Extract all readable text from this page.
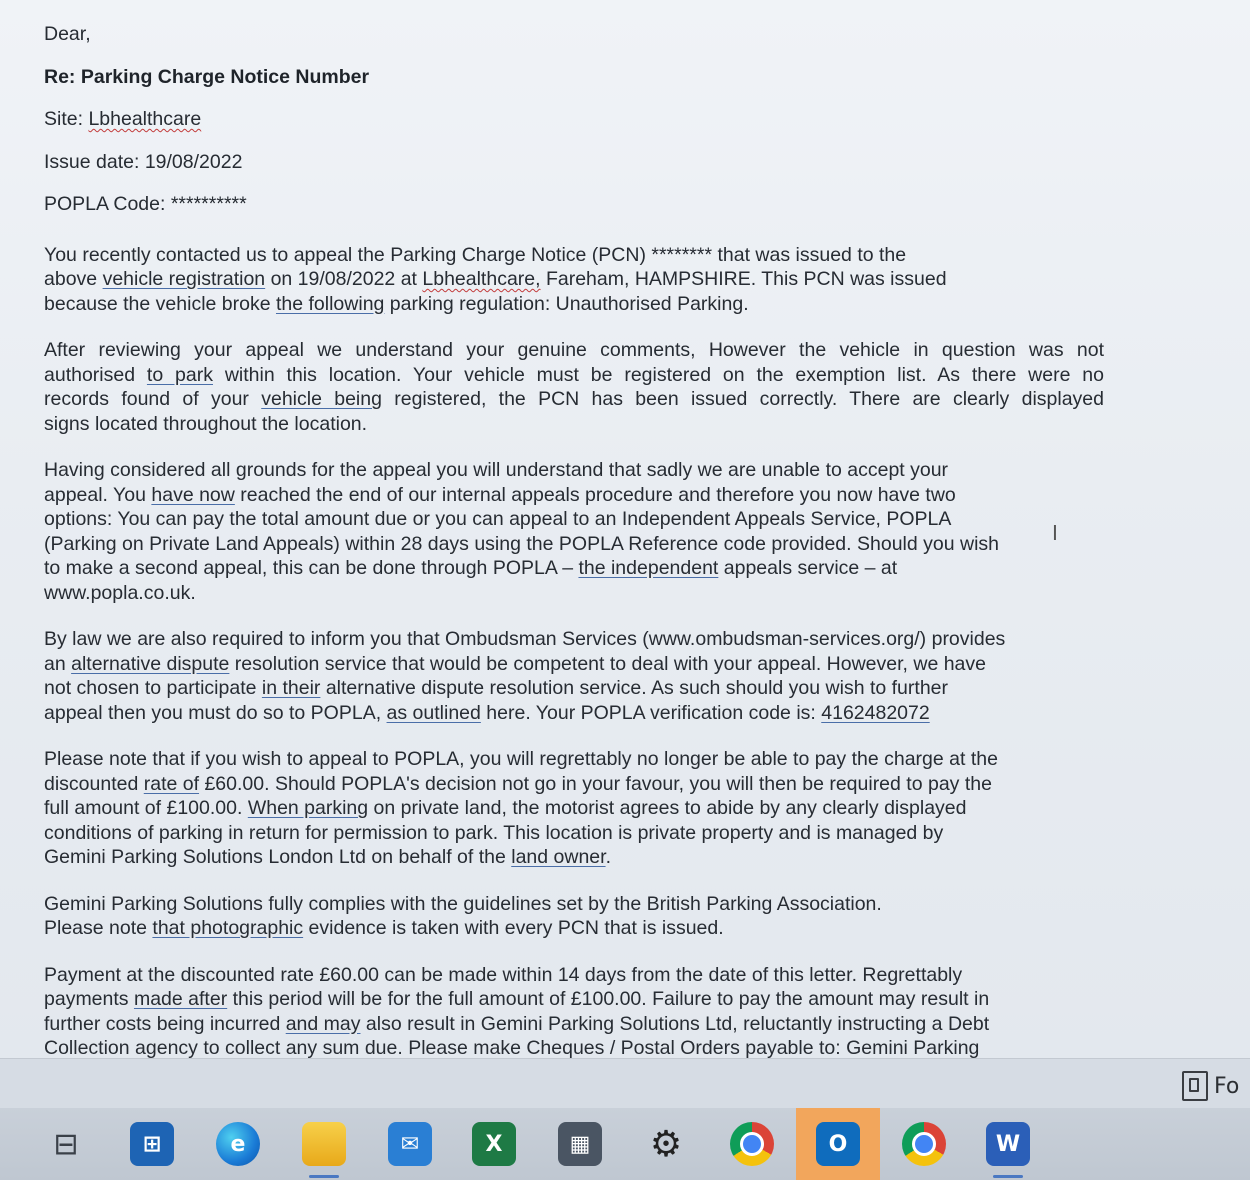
Dear,
Re: Parking Charge Notice Number
Site: Lbhealthcare
Issue date: 19/08/2022
POPLA Code: **********
You recently contacted us to appeal the Parking Charge Notice (PCN) ******** that was issued to the
above vehicle registration on 19/08/2022 at Lbhealthcare, Fareham, HAMPSHIRE. This PCN was issued
because the vehicle broke the following parking regulation: Unauthorised Parking.
After reviewing your appeal we understand your genuine comments, However the vehicle in question was not
authorised to park within this location. Your vehicle must be registered on the exemption list. As there were no
records found of your vehicle being registered, the PCN has been issued correctly. There are clearly displayed
signs located throughout the location.
Having considered all grounds for the appeal you will understand that sadly we are unable to accept your
appeal. You have now reached the end of our internal appeals procedure and therefore you now have two
options: You can pay the total amount due or you can appeal to an Independent Appeals Service, POPLA
(Parking on Private Land Appeals) within 28 days using the POPLA Reference code provided. Should you wish
to make a second appeal, this can be done through POPLA – the independent appeals service – at
www.popla.co.uk.
By law we are also required to inform you that Ombudsman Services (www.ombudsman-services.org/) provides
an alternative dispute resolution service that would be competent to deal with your appeal. However, we have
not chosen to participate in their alternative dispute resolution service. As such should you wish to further
appeal then you must do so to POPLA, as outlined here. Your POPLA verification code is: 4162482072
Please note that if you wish to appeal to POPLA, you will regrettably no longer be able to pay the charge at the
discounted rate of £60.00. Should POPLA's decision not go in your favour, you will then be required to pay the
full amount of £100.00. When parking on private land, the motorist agrees to abide by any clearly displayed
conditions of parking in return for permission to park. This location is private property and is managed by
Gemini Parking Solutions London Ltd on behalf of the land owner.
Gemini Parking Solutions fully complies with the guidelines set by the British Parking Association.
Please note that photographic evidence is taken with every PCN that is issued.
Payment at the discounted rate £60.00 can be made within 14 days from the date of this letter. Regrettably
payments made after this period will be for the full amount of £100.00. Failure to pay the amount may result in
further costs being incurred and may also result in Gemini Parking Solutions Ltd, reluctantly instructing a Debt
Collection agency to collect any sum due. Please make Cheques / Postal Orders payable to: Gemini Parking
I
Fo
⊟	⊞	e	✉	X	▦	⚙	O	W
